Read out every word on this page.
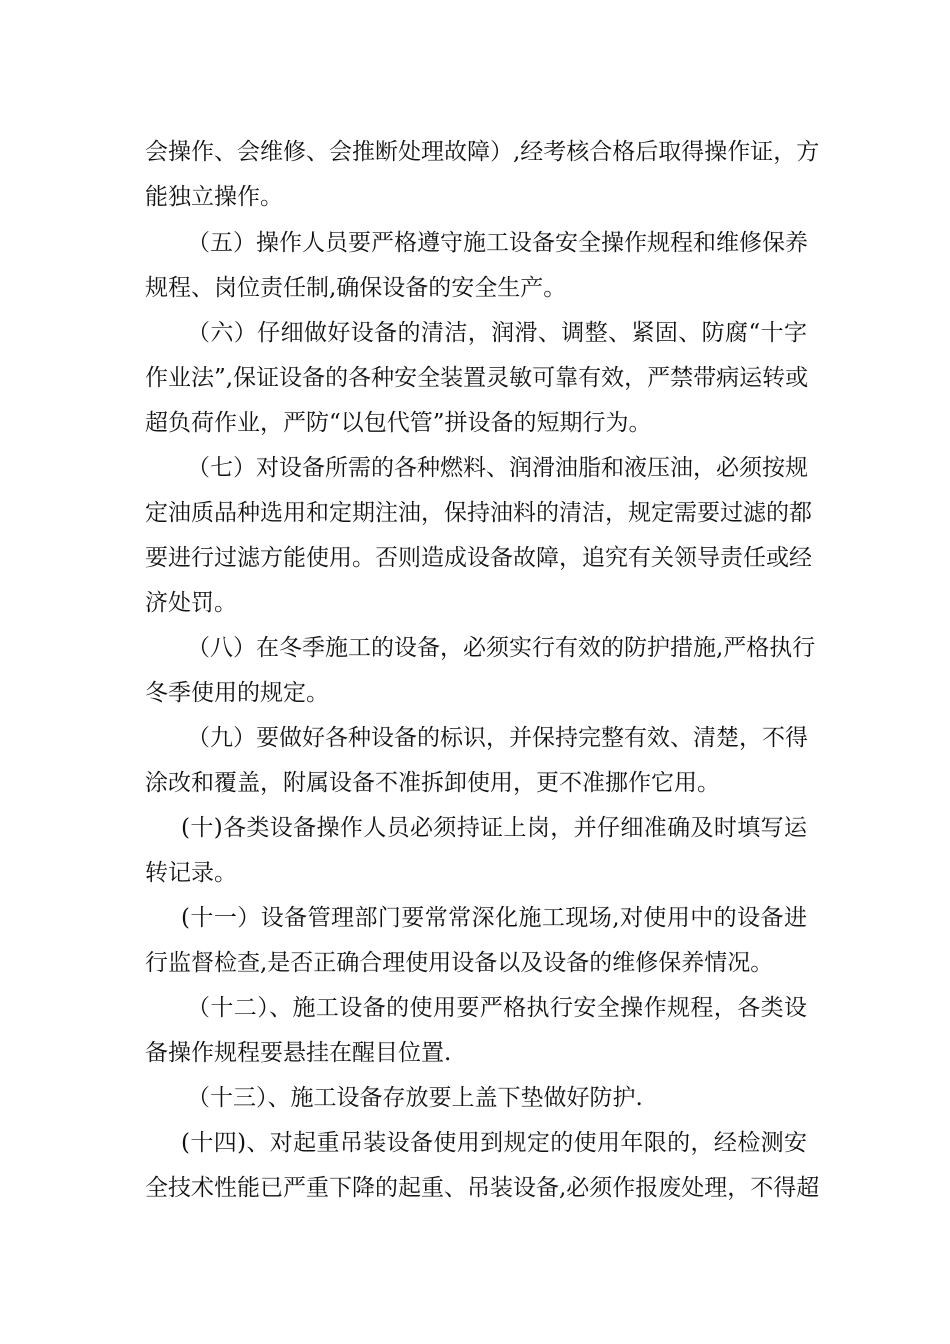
会操作、会维修、会推断处理故障）,经考核合格后取得操作证，方
能独立操作。
（五）操作人员要严格遵守施工设备安全操作规程和维修保养
规程、岗位责任制,确保设备的安全生产。
（六）仔细做好设备的清洁，润滑、调整、紧固、防腐“十字
作业法”,保证设备的各种安全装置灵敏可靠有效，严禁带病运转或
超负荷作业，严防“以包代管”拼设备的短期行为。
（七）对设备所需的各种燃料、润滑油脂和液压油，必须按规
定油质品种选用和定期注油，保持油料的清洁，规定需要过滤的都
要进行过滤方能使用。否则造成设备故障，追究有关领导责任或经
济处罚。
（八）在冬季施工的设备，必须实行有效的防护措施,严格执行
冬季使用的规定。
（九）要做好各种设备的标识，并保持完整有效、清楚，不得
涂改和覆盖，附属设备不准拆卸使用，更不准挪作它用。
(十)各类设备操作人员必须持证上岗，并仔细准确及时填写运
转记录。
(十一）设备管理部门要常常深化施工现场,对使用中的设备进
行监督检查,是否正确合理使用设备以及设备的维修保养情况。
（十二）、施工设备的使用要严格执行安全操作规程，各类设
备操作规程要悬挂在醒目位置.
（十三）、施工设备存放要上盖下垫做好防护.
(十四)、对起重吊装设备使用到规定的使用年限的，经检测安
全技术性能已严重下降的起重、吊装设备,必须作报废处理，不得超
